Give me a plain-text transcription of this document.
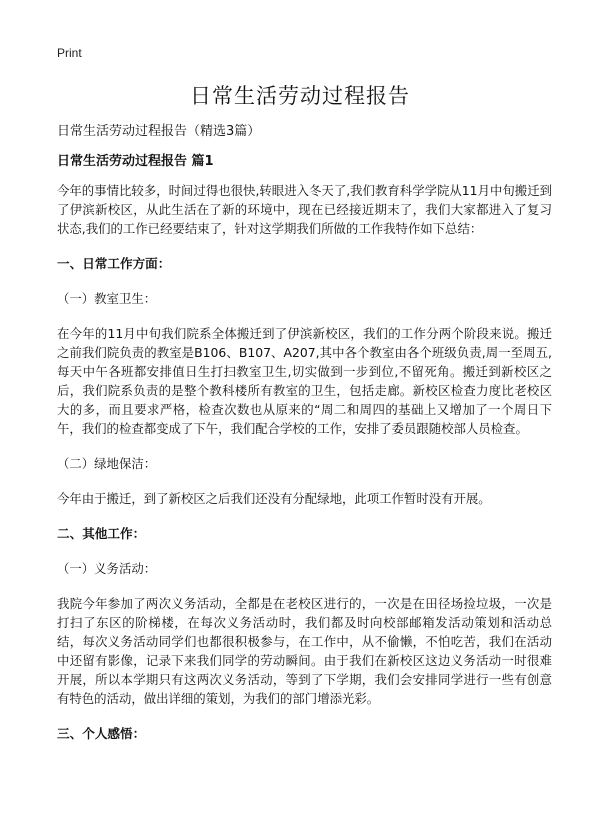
Print
日常生活劳动过程报告
日常生活劳动过程报告（精选3篇）
日常生活劳动过程报告 篇1

今年的事情比较多，时间过得也很快,转眼进入冬天了,我们教育科学学院从11月中旬搬迁到了伊滨新校区，从此生活在了新的环境中，现在已经接近期末了，我们大家都进入了复习状态,我们的工作已经要结束了，针对这学期我们所做的工作我特作如下总结：

一、日常工作方面：
（一）教室卫生：

在今年的11月中旬我们院系全体搬迁到了伊滨新校区，我们的工作分两个阶段来说。搬迁之前我们院负责的教室是B106、B107、A207,其中各个教室由各个班级负责,周一至周五,每天中午各班都安排值日生打扫教室卫生,切实做到一步到位,不留死角。搬迁到新校区之后，我们院系负责的是整个教科楼所有教室的卫生，包括走廊。新校区检查力度比老校区大的多，而且要求严格，检查次数也从原来的“周二和周四的基础上又增加了一个周日下午，我们的检查都变成了下午，我们配合学校的工作，安排了委员跟随校部人员检查。

（二）绿地保洁：

今年由于搬迁，到了新校区之后我们还没有分配绿地，此项工作暂时没有开展。

二、其他工作：
（一）义务活动：

我院今年参加了两次义务活动，全都是在老校区进行的，一次是在田径场捡垃圾，一次是打扫了东区的阶梯楼，在每次义务活动时，我们都及时向校部邮箱发活动策划和活动总结，每次义务活动同学们也都很积极参与，在工作中，从不偷懒，不怕吃苦，我们在活动中还留有影像，记录下来我们同学的劳动瞬间。由于我们在新校区这边义务活动一时很难开展，所以本学期只有这两次义务活动，等到了下学期，我们会安排同学进行一些有创意有特色的活动，做出详细的策划，为我们的部门增添光彩。

三、个人感悟：
